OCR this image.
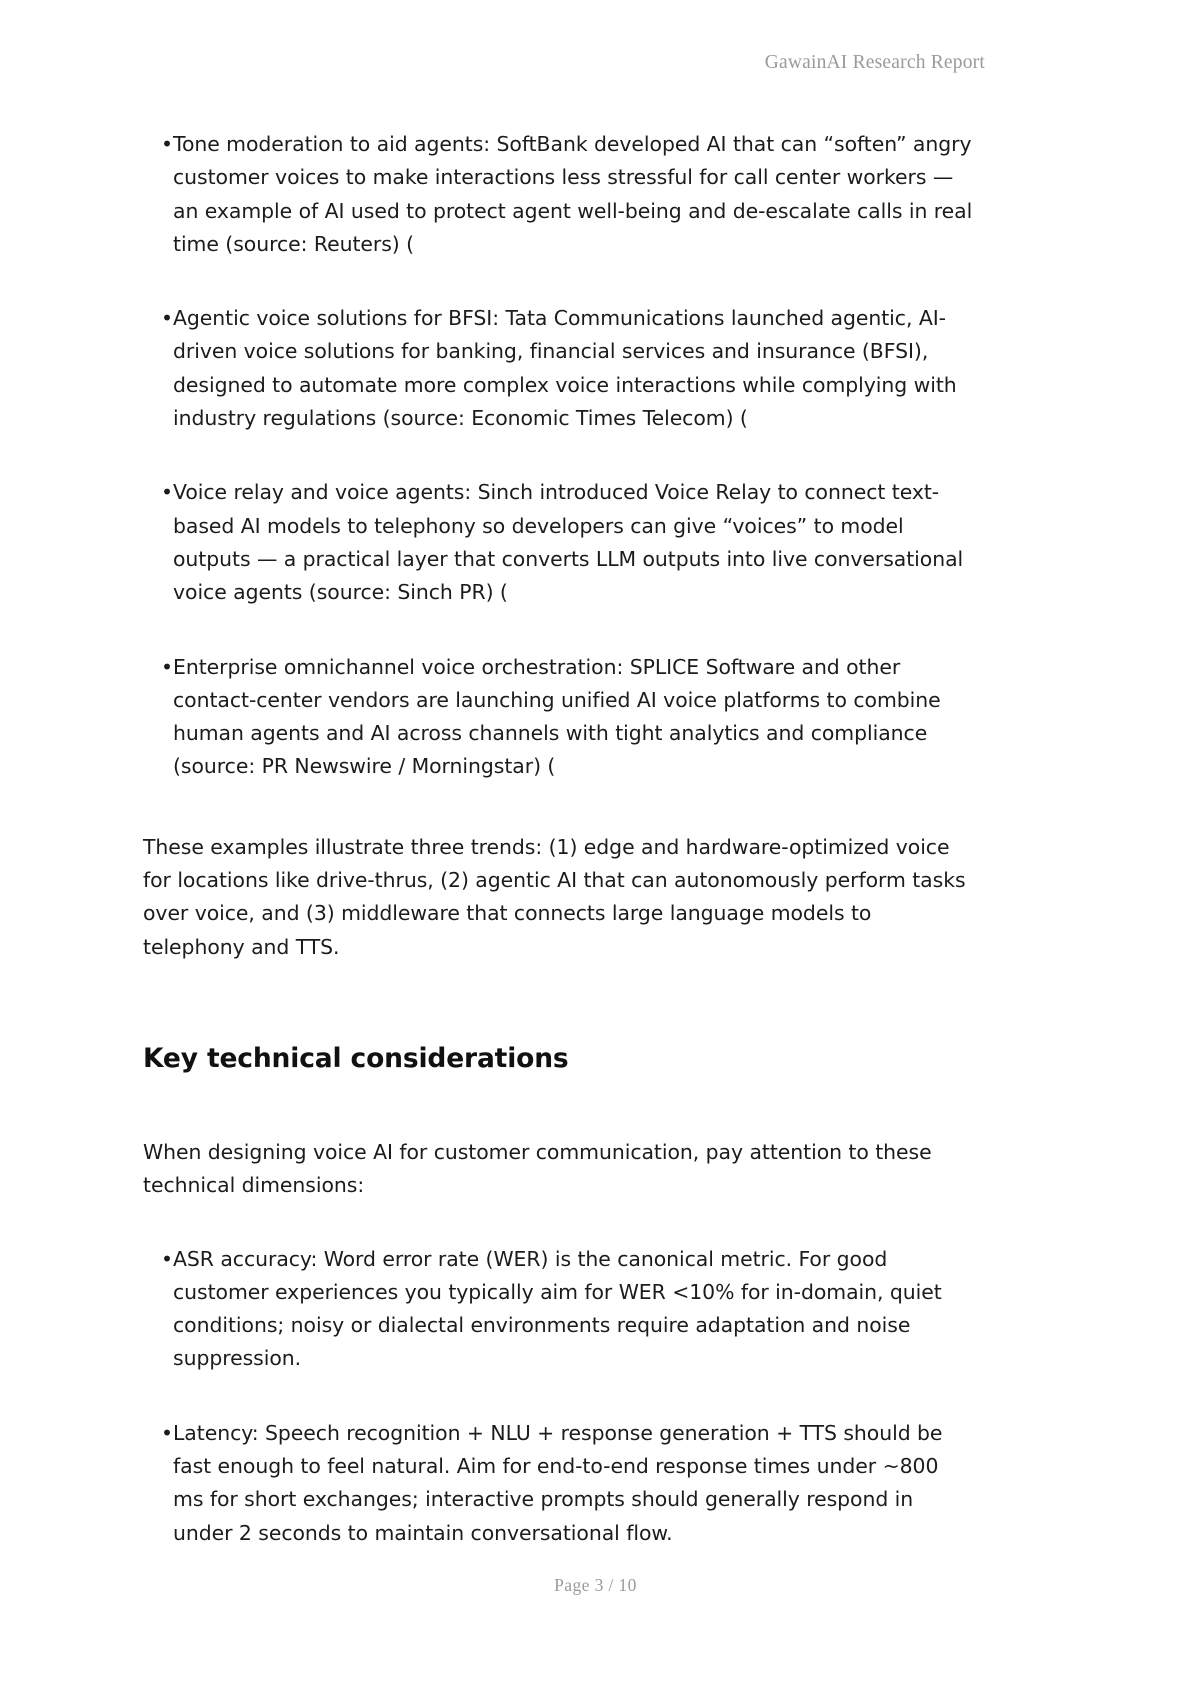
GawainAI Research Report
• Tone moderation to aid agents: SoftBank developed AI that can “soften” angry customer voices to make interactions less stressful for call center workers — an example of AI used to protect agent well-being and de-escalate calls in real time (source: Reuters) (
• Agentic voice solutions for BFSI: Tata Communications launched agentic, AI-driven voice solutions for banking, financial services and insurance (BFSI), designed to automate more complex voice interactions while complying with industry regulations (source: Economic Times Telecom) (
• Voice relay and voice agents: Sinch introduced Voice Relay to connect text-based AI models to telephony so developers can give “voices” to model outputs — a practical layer that converts LLM outputs into live conversational voice agents (source: Sinch PR) (
• Enterprise omnichannel voice orchestration: SPLICE Software and other contact-center vendors are launching unified AI voice platforms to combine human agents and AI across channels with tight analytics and compliance (source: PR Newswire / Morningstar) (

These examples illustrate three trends: (1) edge and hardware-optimized voice for locations like drive-thrus, (2) agentic AI that can autonomously perform tasks over voice, and (3) middleware that connects large language models to telephony and TTS.

Key technical considerations

When designing voice AI for customer communication, pay attention to these technical dimensions:

• ASR accuracy: Word error rate (WER) is the canonical metric. For good customer experiences you typically aim for WER <10% for in-domain, quiet conditions; noisy or dialectal environments require adaptation and noise suppression.
• Latency: Speech recognition + NLU + response generation + TTS should be fast enough to feel natural. Aim for end-to-end response times under ~800 ms for short exchanges; interactive prompts should generally respond in under 2 seconds to maintain conversational flow.
Page 3 / 10
